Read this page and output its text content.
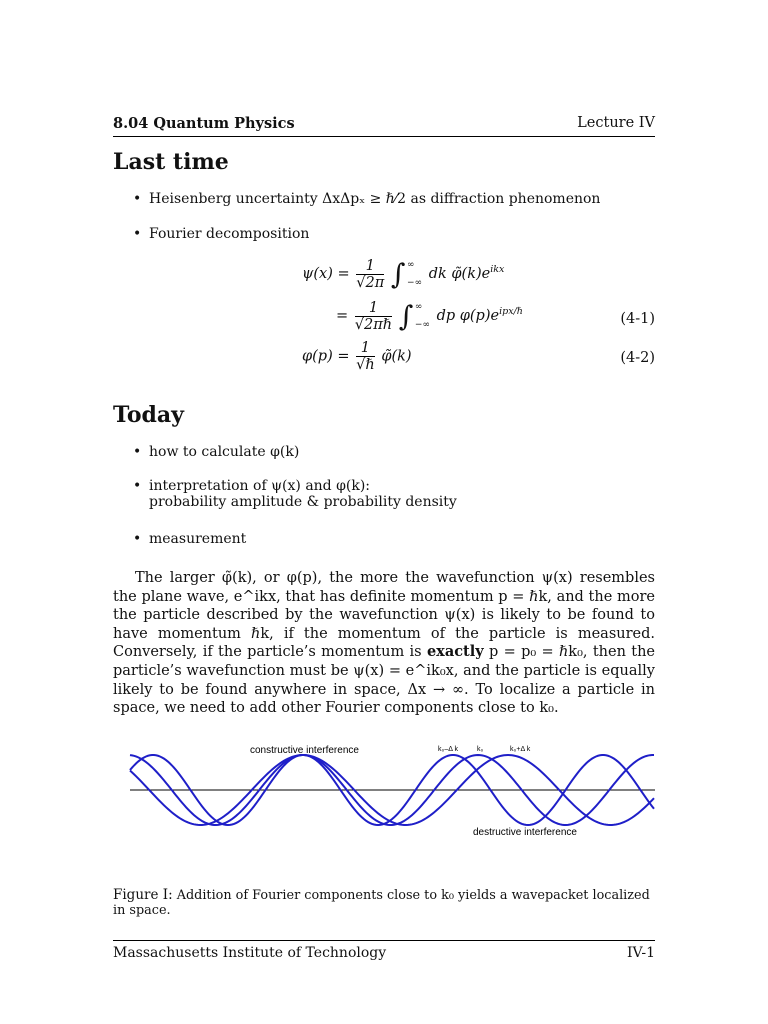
8.04 Quantum Physics	Lecture IV
Last time
• Heisenberg uncertainty ΔxΔpₓ ≥ ℏ⁄2 as diffraction phenomenon
• Fourier decomposition
$\psi(x) = \frac{1}{√2\pi}$ ∫ ∞
−∞
dk $\varphĩ(k)e^{ikx}$
= $\frac{1}{\text{√2πℏ}}$ ∫ ∞
−∞
dp $\varphi(p)e^{ipx/\hbar}$	(4-1)
$\varphi(p) = \frac{1}{\text{√ℏ}}$ φ̃(k)	(4-2)
Today
• how to calculate φ(k)
• interpretation of ψ(x) and φ(k):
probability amplitude & probability density
• measurement
The larger φ̃(k), or φ(p), the more the wavefunction ψ(x) resembles the plane wave, e^ikx, that has definite momentum p = ℏk, and the more the particle described by the wavefunction ψ(x) is likely to be found to have momentum ℏk, if the momentum of the particle is measured. Conversely, if the particle’s momentum is exactly p = p₀ = ℏk₀, then the particle’s wavefunction must be ψ(x) = e^ik₀x, and the particle is equally likely to be found anywhere in space, Δx → ∞. To localize a particle in space, we need to add other Fourier components close to k₀.
constructive interference
destructive interference
k₀–Δ k	k₀	k₀+Δ k
Figure I: Addition of Fourier components close to k₀ yields a wavepacket localized in space.
Massachusetts Institute of Technology	IV-1
